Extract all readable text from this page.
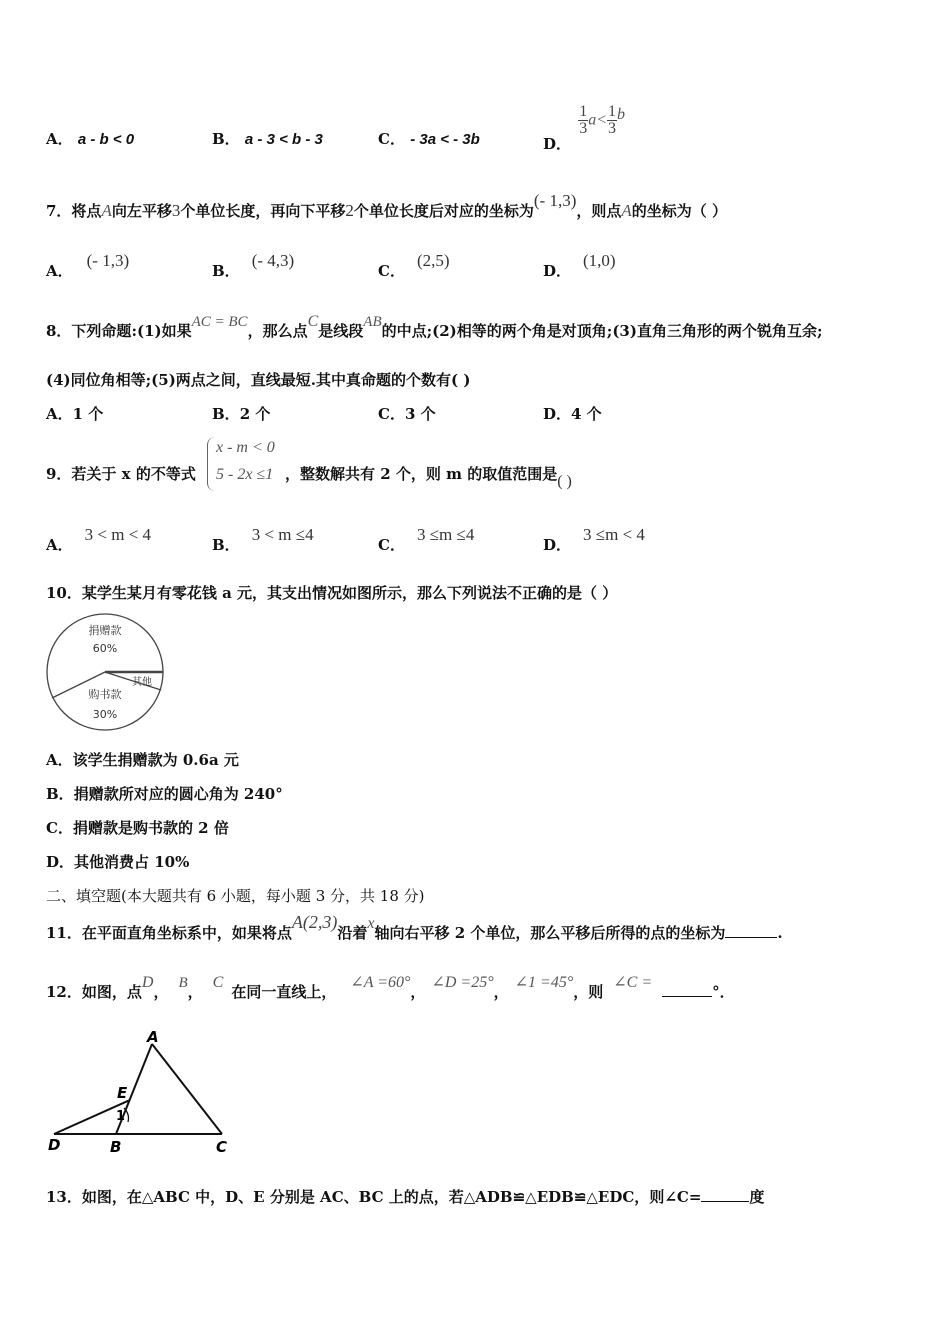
A． a - b < 0	B． a - 3 < b - 3	C． - 3a < - 3b	D．
$\frac{1}{3} a< \frac{1}{3}$ b
7．将点A向左平移3个单位长度，再向下平移2个单位长度后对应的坐标为(- 1,3)，则点A的坐标为（ ）
A．(- 1,3)
B．(- 4,3)
C．(2,5)
D．(1,0)
8．下列命题:(1)如果AC = BC，那么点C是线段AB的中点;(2)相等的两个角是对顶角;(3)直角三角形的两个锐角互余;
(4)同位角相等;(5)两点之间，直线最短.其中真命题的个数有( )
A．1 个	B．2 个	C．3 个	D．4 个
9．若关于 x 的不等式
x - m < 0
5 - 2x ≤1 ，整数解共有 2 个，则 m 的取值范围是( )
A．3 < m < 4
B．3 < m ≤4
C．3 ≤m ≤4
D．3 ≤m < 4
10．某学生某月有零花钱 a 元，其支出情况如图所示，那么下列说法不正确的是（ ）
捐赠款
60%
其他
购书款
30%
A．该学生捐赠款为 0.6a 元
B．捐赠款所对应的圆心角为 240°
C．捐赠款是购书款的 2 倍
D．其他消费占 10%
二、填空题(本大题共有 6 小题，每小题 3 分，共 18 分)
11．在平面直角坐标系中，如果将点A(2,3)沿着x轴向右平移 2 个单位，那么平移后所得的点的坐标为	.
12．如图，点D， B，C在同一直线上，∠A =60°，∠D =25°，∠1 =45°，则∠C =°．
A
E
1
D	B	C
13．如图，在△ABC 中，D、E 分别是 AC、BC 上的点，若△ADB≌△EDB≌△EDC，则∠C=	度
